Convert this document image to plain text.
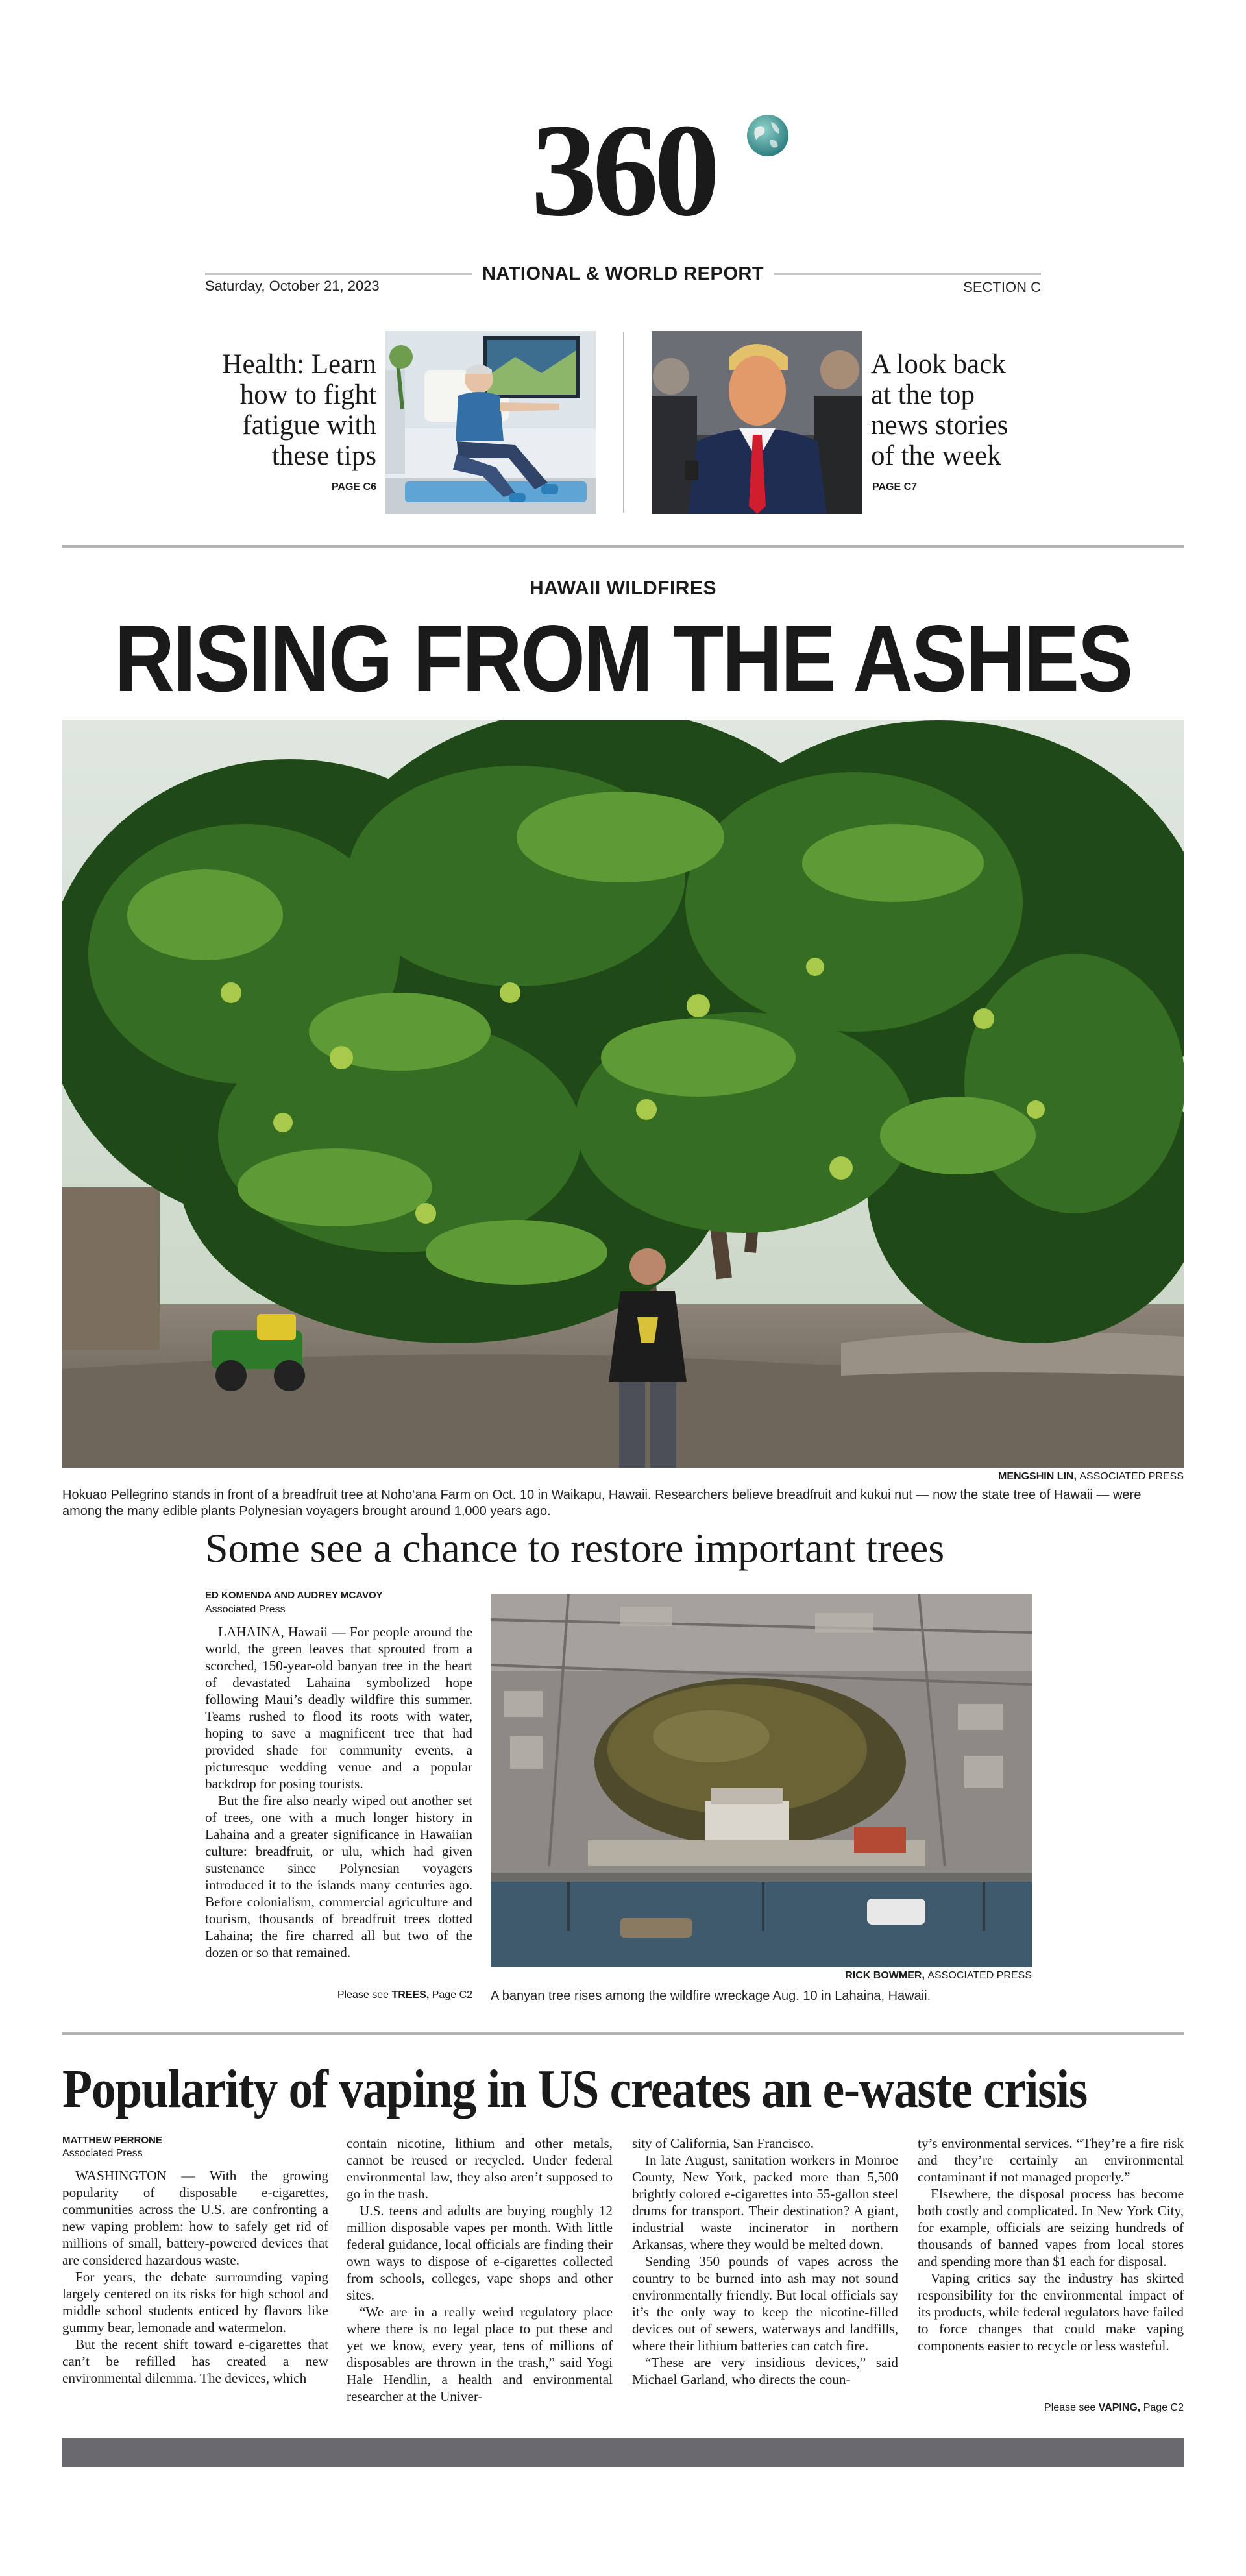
360
Saturday, October 21, 2023
NATIONAL & WORLD REPORT
SECTION C
Health: Learn how to fight fatigue with these tips
PAGE C6
A look back at the top news stories of the week
PAGE C7
HAWAII WILDFIRES
RISING FROM THE ASHES
MENGSHIN LIN, ASSOCIATED PRESS
Hokuao Pellegrino stands in front of a breadfruit tree at Noho‘ana Farm on Oct. 10 in Waikapu, Hawaii. Researchers believe breadfruit and kukui nut — now the state tree of Hawaii — were among the many edible plants Polynesian voyagers brought around 1,000 years ago.
Some see a chance to restore important trees
ED KOMENDA AND AUDREY MCAVOY
Associated Press

LAHAINA, Hawaii — For people around the world, the green leaves that sprouted from a scorched, 150-year-old banyan tree in the heart of devastated Lahaina symbolized hope following Maui’s deadly wildfire this summer. Teams rushed to flood its roots with water, hoping to save a magnificent tree that had provided shade for community events, a picturesque wedding venue and a popular backdrop for posing tourists.

But the fire also nearly wiped out another set of trees, one with a much longer history in Lahaina and a greater significance in Hawaiian culture: breadfruit, or ulu, which had given sustenance since Polynesian voyagers introduced it to the islands many centuries ago. Before colonialism, commercial agriculture and tourism, thousands of breadfruit trees dotted Lahaina; the fire charred all but two of the dozen or so that remained.

Please see TREES, Page C2
RICK BOWMER, ASSOCIATED PRESS
A banyan tree rises among the wildfire wreckage Aug. 10 in Lahaina, Hawaii.
Popularity of vaping in US creates an e-waste crisis
MATTHEW PERRONE
Associated Press

WASHINGTON — With the growing popularity of disposable e-cigarettes, communities across the U.S. are confronting a new vaping problem: how to safely get rid of millions of small, battery-powered devices that are considered hazardous waste.

For years, the debate surrounding vaping largely centered on its risks for high school and middle school students enticed by flavors like gummy bear, lemonade and watermelon.

But the recent shift toward e-cigarettes that can’t be refilled has created a new environmental dilemma. The devices, which

contain nicotine, lithium and other metals, cannot be reused or recycled. Under federal environmental law, they also aren’t supposed to go in the trash.

U.S. teens and adults are buying roughly 12 million disposable vapes per month. With little federal guidance, local officials are finding their own ways to dispose of e-cigarettes collected from schools, colleges, vape shops and other sites.

“We are in a really weird regulatory place where there is no legal place to put these and yet we know, every year, tens of millions of disposables are thrown in the trash,” said Yogi Hale Hendlin, a health and environmental researcher at the Univer-

sity of California, San Francisco.

In late August, sanitation workers in Monroe County, New York, packed more than 5,500 brightly colored e-cigarettes into 55-gallon steel drums for transport. Their destination? A giant, industrial waste incinerator in northern Arkansas, where they would be melted down.

Sending 350 pounds of vapes across the country to be burned into ash may not sound environmentally friendly. But local officials say it’s the only way to keep the nicotine-filled devices out of sewers, waterways and landfills, where their lithium batteries can catch fire.

“These are very insidious devices,” said Michael Garland, who directs the coun-

ty’s environmental services. “They’re a fire risk and they’re certainly an environmental contaminant if not managed properly.”

Elsewhere, the disposal process has become both costly and complicated. In New York City, for example, officials are seizing hundreds of thousands of banned vapes from local stores and spending more than $1 each for disposal.

Vaping critics say the industry has skirted responsibility for the environmental impact of its products, while federal regulators have failed to force changes that could make vaping components easier to recycle or less wasteful.

Please see VAPING, Page C2
